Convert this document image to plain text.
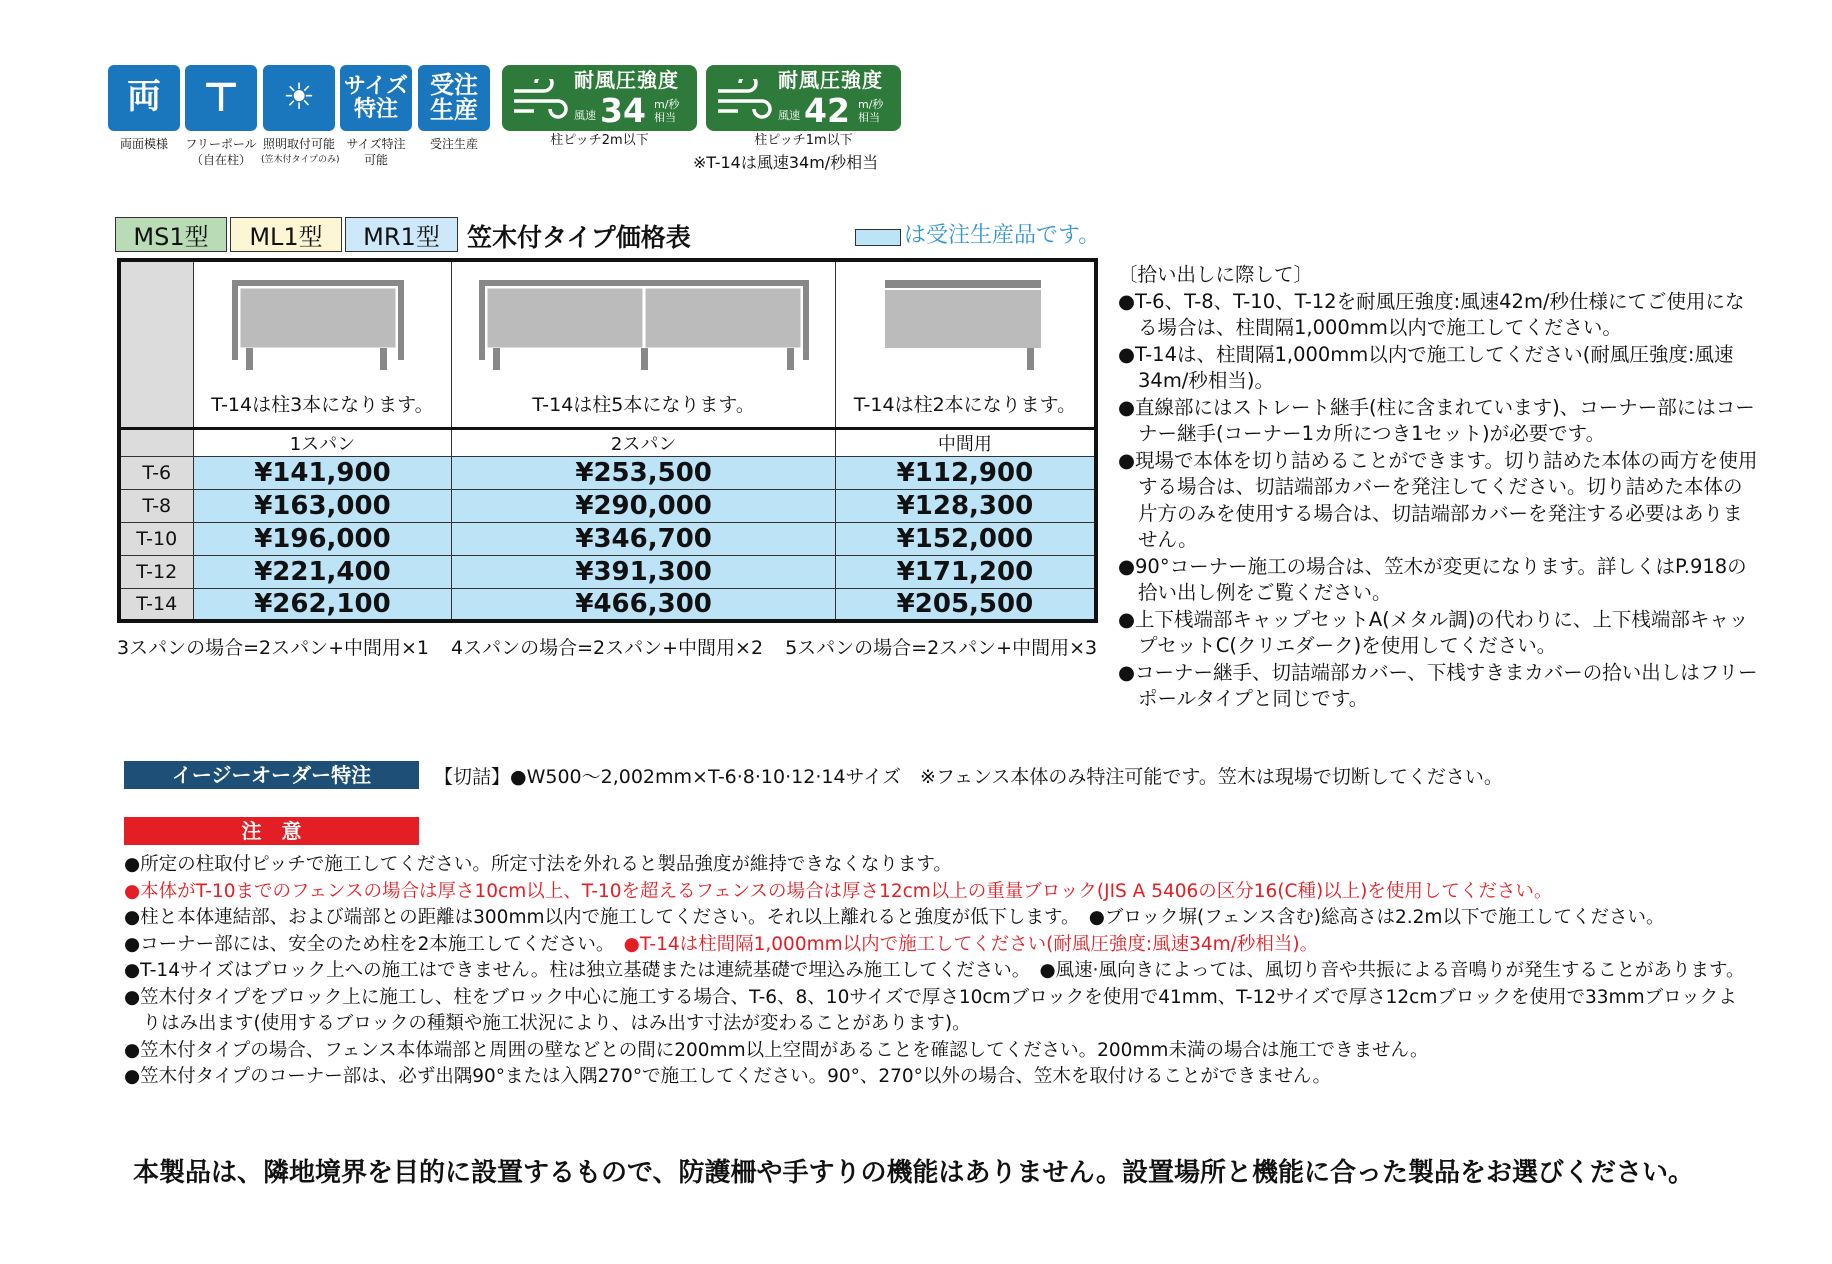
両	⊤	☀	サイズ
特注
受注
生産
両面模様	フリーポール
（自在柱）
照明取付可能
(笠木付タイプのみ)
サイズ特注
可能
受注生産
耐風圧強度
風速 34 m/秒
相当
耐風圧強度
風速 42 m/秒
相当
柱ピッチ2m以下	柱ピッチ1m以下
※T-14は風速34m/秒相当
MS1型	ML1型	MR1型	笠木付タイプ価格表	は受注生産品です。

	T-14は柱3本になります。	T-14は柱5本になります。	T-14は柱2本になります。

	1スパン	2スパン	中間用
T-6	¥141,900	¥253,500	¥112,900
T-8	¥163,000	¥290,000	¥128,300
T-10	¥196,000	¥346,700	¥152,000
T-12	¥221,400	¥391,300	¥171,200
T-14	¥262,100	¥466,300	¥205,500
3スパンの場合=2スパン+中間用×1 4スパンの場合=2スパン+中間用×2 5スパンの場合=2スパン+中間用×3
〔拾い出しに際して〕
●T-6、T-8、T-10、T-12を耐風圧強度:風速42m/秒仕様にてご使用になる場合は、柱間隔1,000mm以内で施工してください。
●T-14は、柱間隔1,000mm以内で施工してください(耐風圧強度:風速34m/秒相当)。
●直線部にはストレート継手(柱に含まれています)、コーナー部にはコーナー継手(コーナー1カ所につき1セット)が必要です。
●現場で本体を切り詰めることができます。切り詰めた本体の両方を使用する場合は、切詰端部カバーを発注してください。切り詰めた本体の片方のみを使用する場合は、切詰端部カバーを発注する必要はありません。
●90°コーナー施工の場合は、笠木が変更になります。詳しくはP.918の拾い出し例をご覧ください。
●上下桟端部キャップセットA(メタル調)の代わりに、上下桟端部キャップセットC(クリエダーク)を使用してください。
●コーナー継手、切詰端部カバー、下桟すきまカバーの拾い出しはフリーポールタイプと同じです。
イージーオーダー特注	【切詰】●W500〜2,002mm×T-6·8·10·12·14サイズ　※フェンス本体のみ特注可能です。笠木は現場で切断してください。
注　意
●所定の柱取付ピッチで施工してください。所定寸法を外れると製品強度が維持できなくなります。
●本体がT-10までのフェンスの場合は厚さ10cm以上、T-10を超えるフェンスの場合は厚さ12cm以上の重量ブロック(JIS A 5406の区分16(C種)以上)を使用してください。
●柱と本体連結部、および端部との距離は300mm以内で施工してください。それ以上離れると強度が低下します。　●ブロック塀(フェンス含む)総高さは2.2m以下で施工してください。
●コーナー部には、安全のため柱を2本施工してください。　●T-14は柱間隔1,000mm以内で施工してください(耐風圧強度:風速34m/秒相当)。
●T-14サイズはブロック上への施工はできません。柱は独立基礎または連続基礎で埋込み施工してください。　●風速·風向きによっては、風切り音や共振による音鳴りが発生することがあります。
●笠木付タイプをブロック上に施工し、柱をブロック中心に施工する場合、T-6、8、10サイズで厚さ10cmブロックを使用で41mm、T-12サイズで厚さ12cmブロックを使用で33mmブロックよ
　りはみ出ます(使用するブロックの種類や施工状況により、はみ出す寸法が変わることがあります)。
●笠木付タイプの場合、フェンス本体端部と周囲の壁などとの間に200mm以上空間があることを確認してください。200mm未満の場合は施工できません。
●笠木付タイプのコーナー部は、必ず出隅90°または入隅270°で施工してください。90°、270°以外の場合、笠木を取付けることができません。
本製品は、隣地境界を目的に設置するもので、防護柵や手すりの機能はありません。設置場所と機能に合った製品をお選びください。
